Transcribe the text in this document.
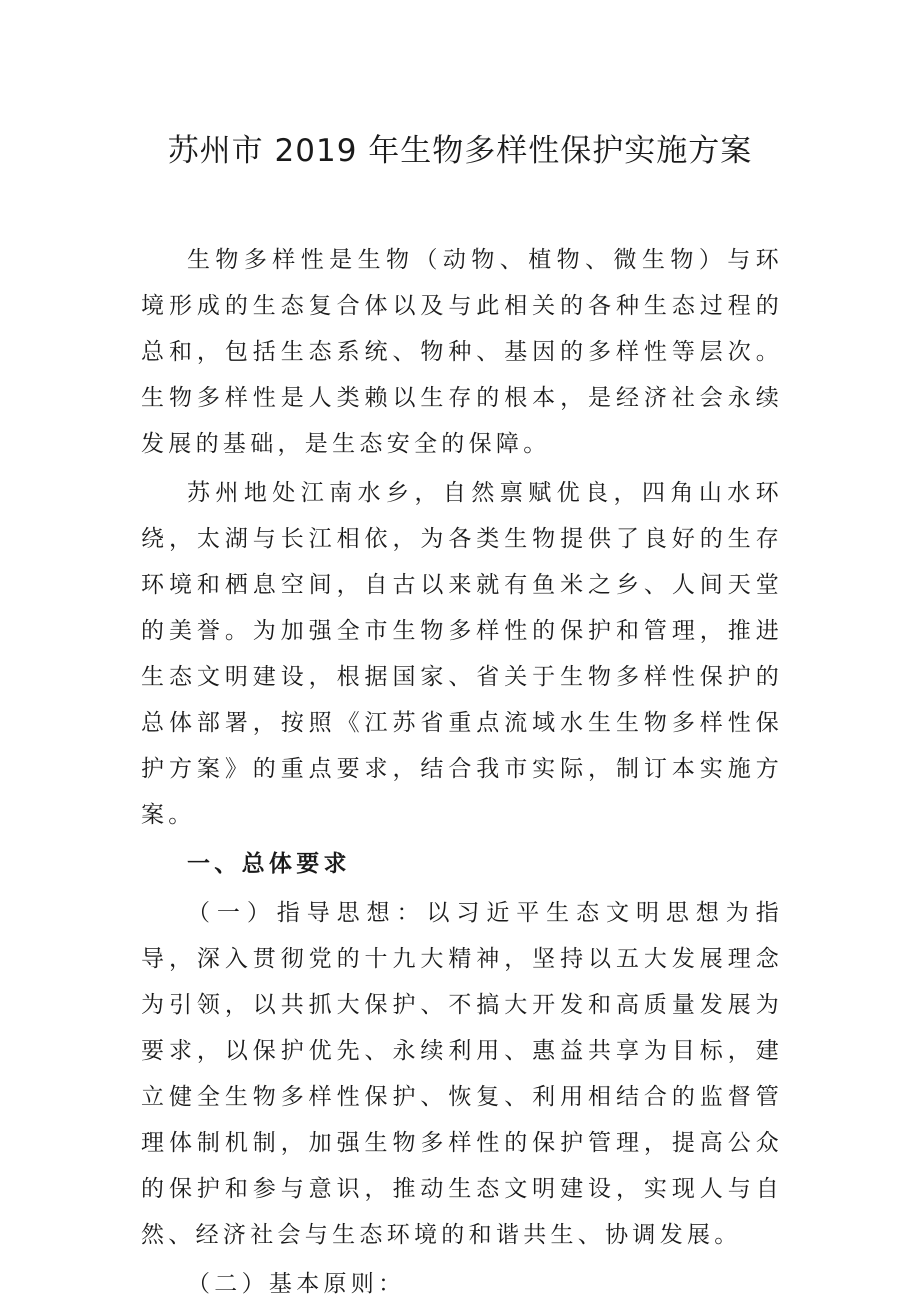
苏州市 2019 年生物多样性保护实施方案

生物多样性是生物（动物、植物、微生物）与环境形成的生态复合体以及与此相关的各种生态过程的总和，包括生态系统、物种、基因的多样性等层次。生物多样性是人类赖以生存的根本，是经济社会永续发展的基础，是生态安全的保障。

苏州地处江南水乡，自然禀赋优良，四角山水环绕，太湖与长江相依，为各类生物提供了良好的生存环境和栖息空间，自古以来就有鱼米之乡、人间天堂的美誉。为加强全市生物多样性的保护和管理，推进生态文明建设，根据国家、省关于生物多样性保护的总体部署，按照《江苏省重点流域水生生物多样性保护方案》的重点要求，结合我市实际，制订本实施方案。

一、总体要求

（一）指导思想：以习近平生态文明思想为指导，深入贯彻党的十九大精神，坚持以五大发展理念为引领，以共抓大保护、不搞大开发和高质量发展为要求，以保护优先、永续利用、惠益共享为目标，建立健全生物多样性保护、恢复、利用相结合的监督管理体制机制，加强生物多样性的保护管理，提高公众的保护和参与意识，推动生态文明建设，实现人与自然、经济社会与生态环境的和谐共生、协调发展。

（二）基本原则：
